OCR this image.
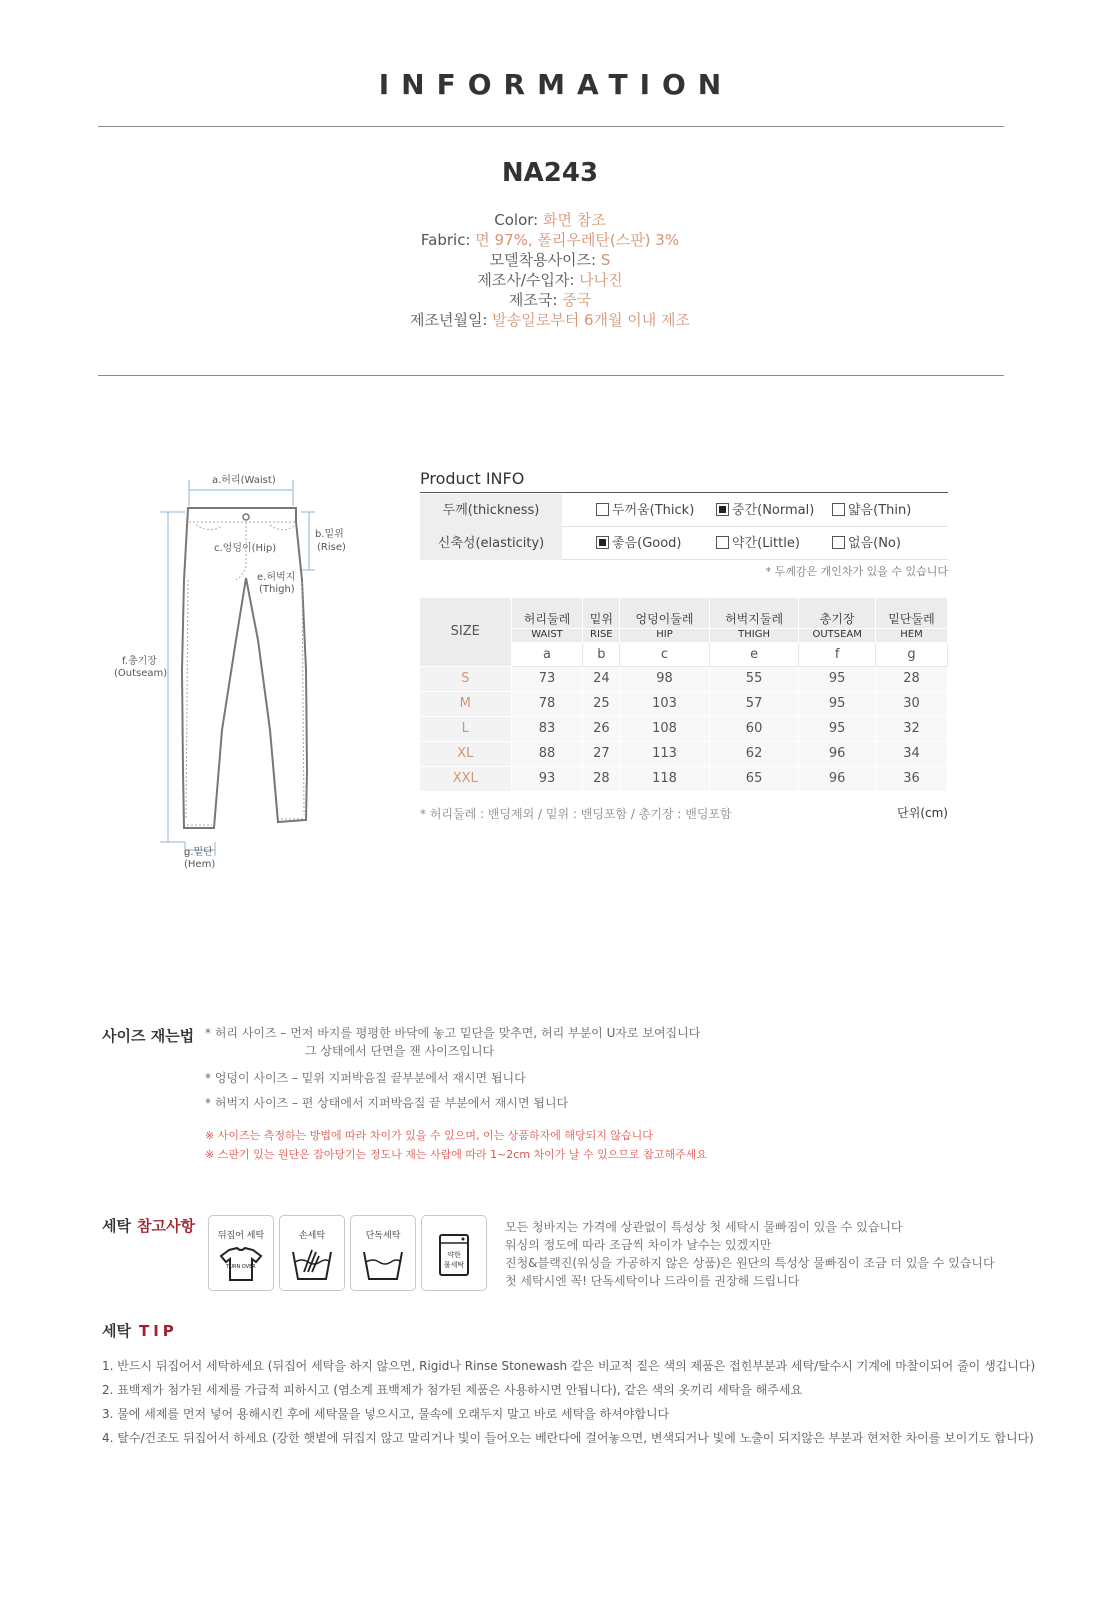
INFORMATION
NA243
Color: 화면 참조
Fabric: 면 97%, 폴리우레탄(스판) 3%
모델착용사이즈: S
제조사/수입자: 나나진
제조국: 중국
제조년월일: 발송일로부터 6개월 이내 제조
a.허리(Waist)
b.밑위
(Rise)
c.엉덩이(Hip)
e.허벅지
(Thigh)
f.총기장
(Outseam)
g.밑단
(Hem)
Product INFO
두께(thickness)	두꺼움(Thick)	중간(Normal)	얇음(Thin)
신축성(elasticity)	좋음(Good)	약간(Little)	없음(No)
* 두께감은 개인차가 있을 수 있습니다
SIZE	허리둘레	밑위	엉덩이둘레	허벅지둘레	총기장	밑단둘레
	WAIST	RISE	HIP	THIGH	OUTSEAM	HEM
	a	b	c	e	f	g
S	73	24	98	55	95	28
M	78	25	103	57	95	30
L	83	26	108	60	95	32
XL	88	27	113	62	96	34
XXL	93	28	118	65	96	36
* 허리둘레 : 밴딩제외 / 밑위 : 밴딩포함 / 총기장 : 밴딩포함	단위(cm)
사이즈 재는법 * 허리 사이즈 – 먼저 바지를 평평한 바닥에 놓고 밑단을 맞추면, 허리 부분이 U자로 보여집니다
그 상태에서 단면을 잰 사이즈입니다
* 엉덩이 사이즈 – 밑위 지퍼박음질 끝부분에서 재시면 됩니다
* 허벅지 사이즈 – 편 상태에서 지퍼박음질 끝 부분에서 재시면 됩니다
※ 사이즈는 측정하는 방법에 따라 차이가 있을 수 있으며, 이는 상품하자에 해당되지 않습니다
※ 스판기 있는 원단은 잡아당기는 정도나 재는 사람에 따라 1~2cm 차이가 날 수 있으므로 참고해주세요
세탁 참고사항
뒤집어 세탁
TURN OVER
손세탁	단독세탁
약한
물세탁
모든 청바지는 가격에 상관없이 특성상 첫 세탁시 물빠짐이 있을 수 있습니다
워싱의 정도에 따라 조금씩 차이가 날수는 있겠지만
진청&블랙진(워싱을 가공하지 않은 상품)은 원단의 특성상 물빠짐이 조금 더 있을 수 있습니다
첫 세탁시엔 꼭! 단독세탁이나 드라이를 권장해 드립니다
세탁 TIP
1. 반드시 뒤집어서 세탁하세요 (뒤집어 세탁을 하지 않으면, Rigid나 Rinse Stonewash 같은 비교적 짙은 색의 제품은 접힌부분과 세탁/탈수시 기계에 마찰이되어 줄이 생깁니다)
2. 표백제가 첨가된 세제를 가급적 피하시고 (염소계 표백제가 첨가된 제품은 사용하시면 안됩니다), 같은 색의 옷끼리 세탁을 해주세요
3. 물에 세제를 먼저 넣어 용해시킨 후에 세탁물을 넣으시고, 물속에 오래두지 말고 바로 세탁을 하셔야합니다
4. 탈수/건조도 뒤집어서 하세요 (강한 햇볕에 뒤집지 않고 말리거나 빛이 들어오는 베란다에 걸어놓으면, 변색되거나 빛에 노출이 되지않은 부분과 현저한 차이를 보이기도 합니다)
